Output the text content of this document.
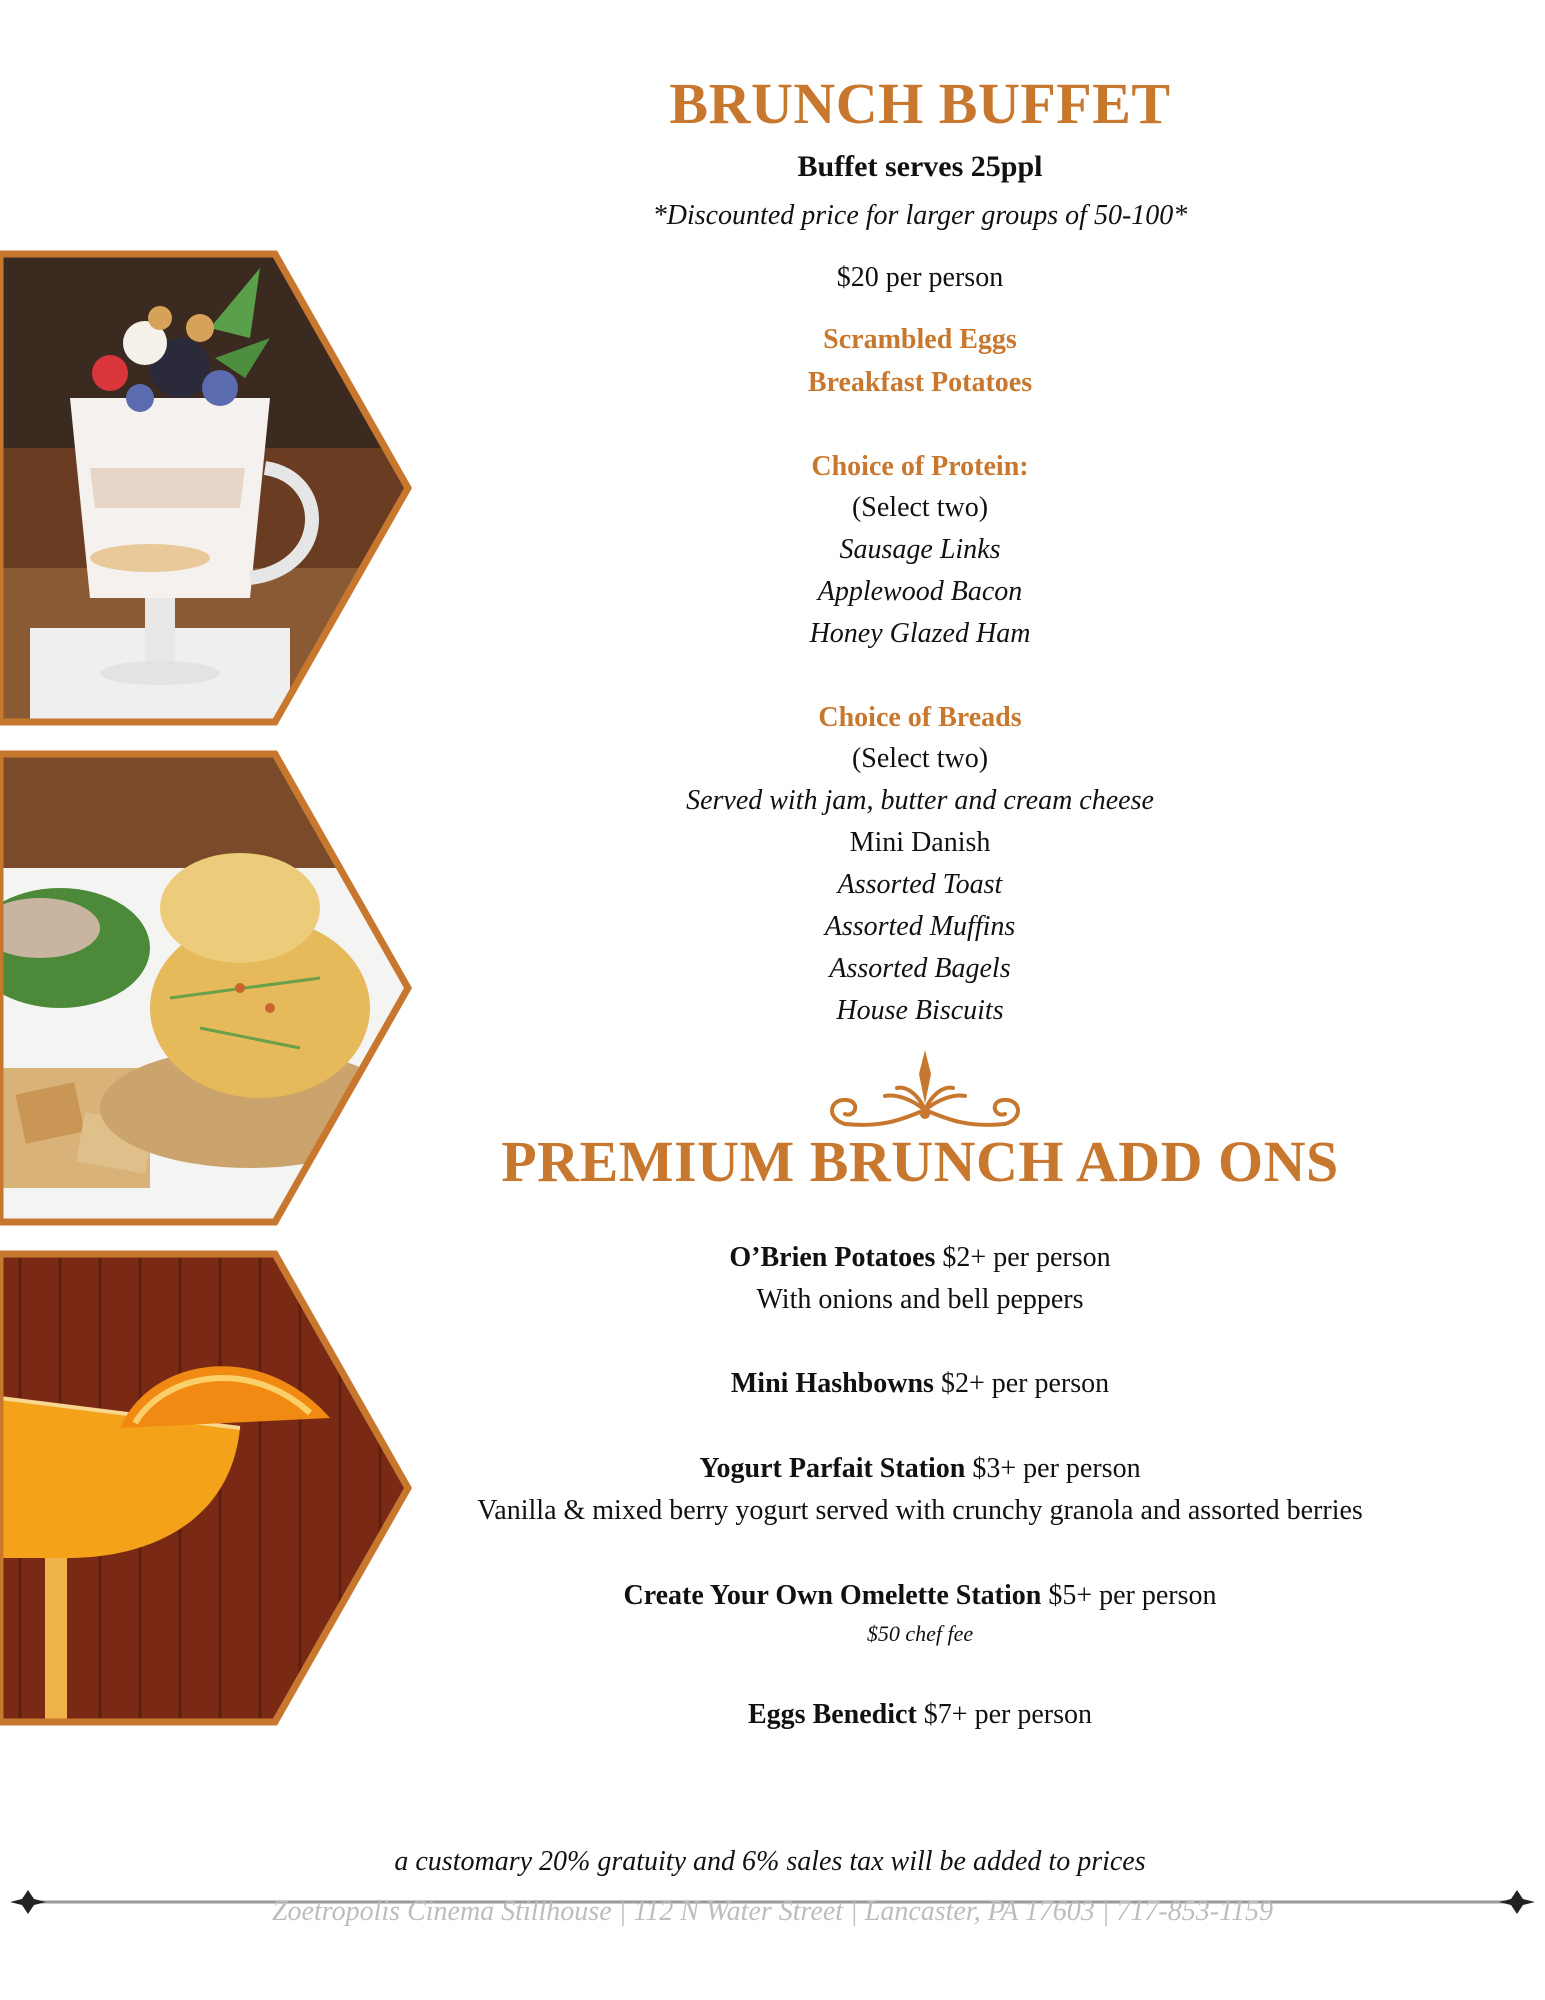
BRUNCH BUFFET
Buffet serves 25ppl
*Discounted price for larger groups of 50-100*
$20 per person
Scrambled Eggs
Breakfast Potatoes
Choice of Protein:
(Select two)
Sausage Links
Applewood Bacon
Honey Glazed Ham
Choice of Breads
(Select two)
Served with jam, butter and cream cheese
Mini Danish
Assorted Toast
Assorted Muffins
Assorted Bagels
House Biscuits
PREMIUM BRUNCH ADD ONS
O’Brien Potatoes $2+ per person
With onions and bell peppers
Mini Hashbowns $2+ per person
Yogurt Parfait Station $3+ per person
Vanilla & mixed berry yogurt served with crunchy granola and assorted berries
Create Your Own Omelette Station $5+ per person
$50 chef fee
Eggs Benedict $7+ per person
a customary 20% gratuity and 6% sales tax will be added to prices
Zoetropolis Cinema Stillhouse | 112 N Water Street | Lancaster, PA 17603 | 717-853-1159
